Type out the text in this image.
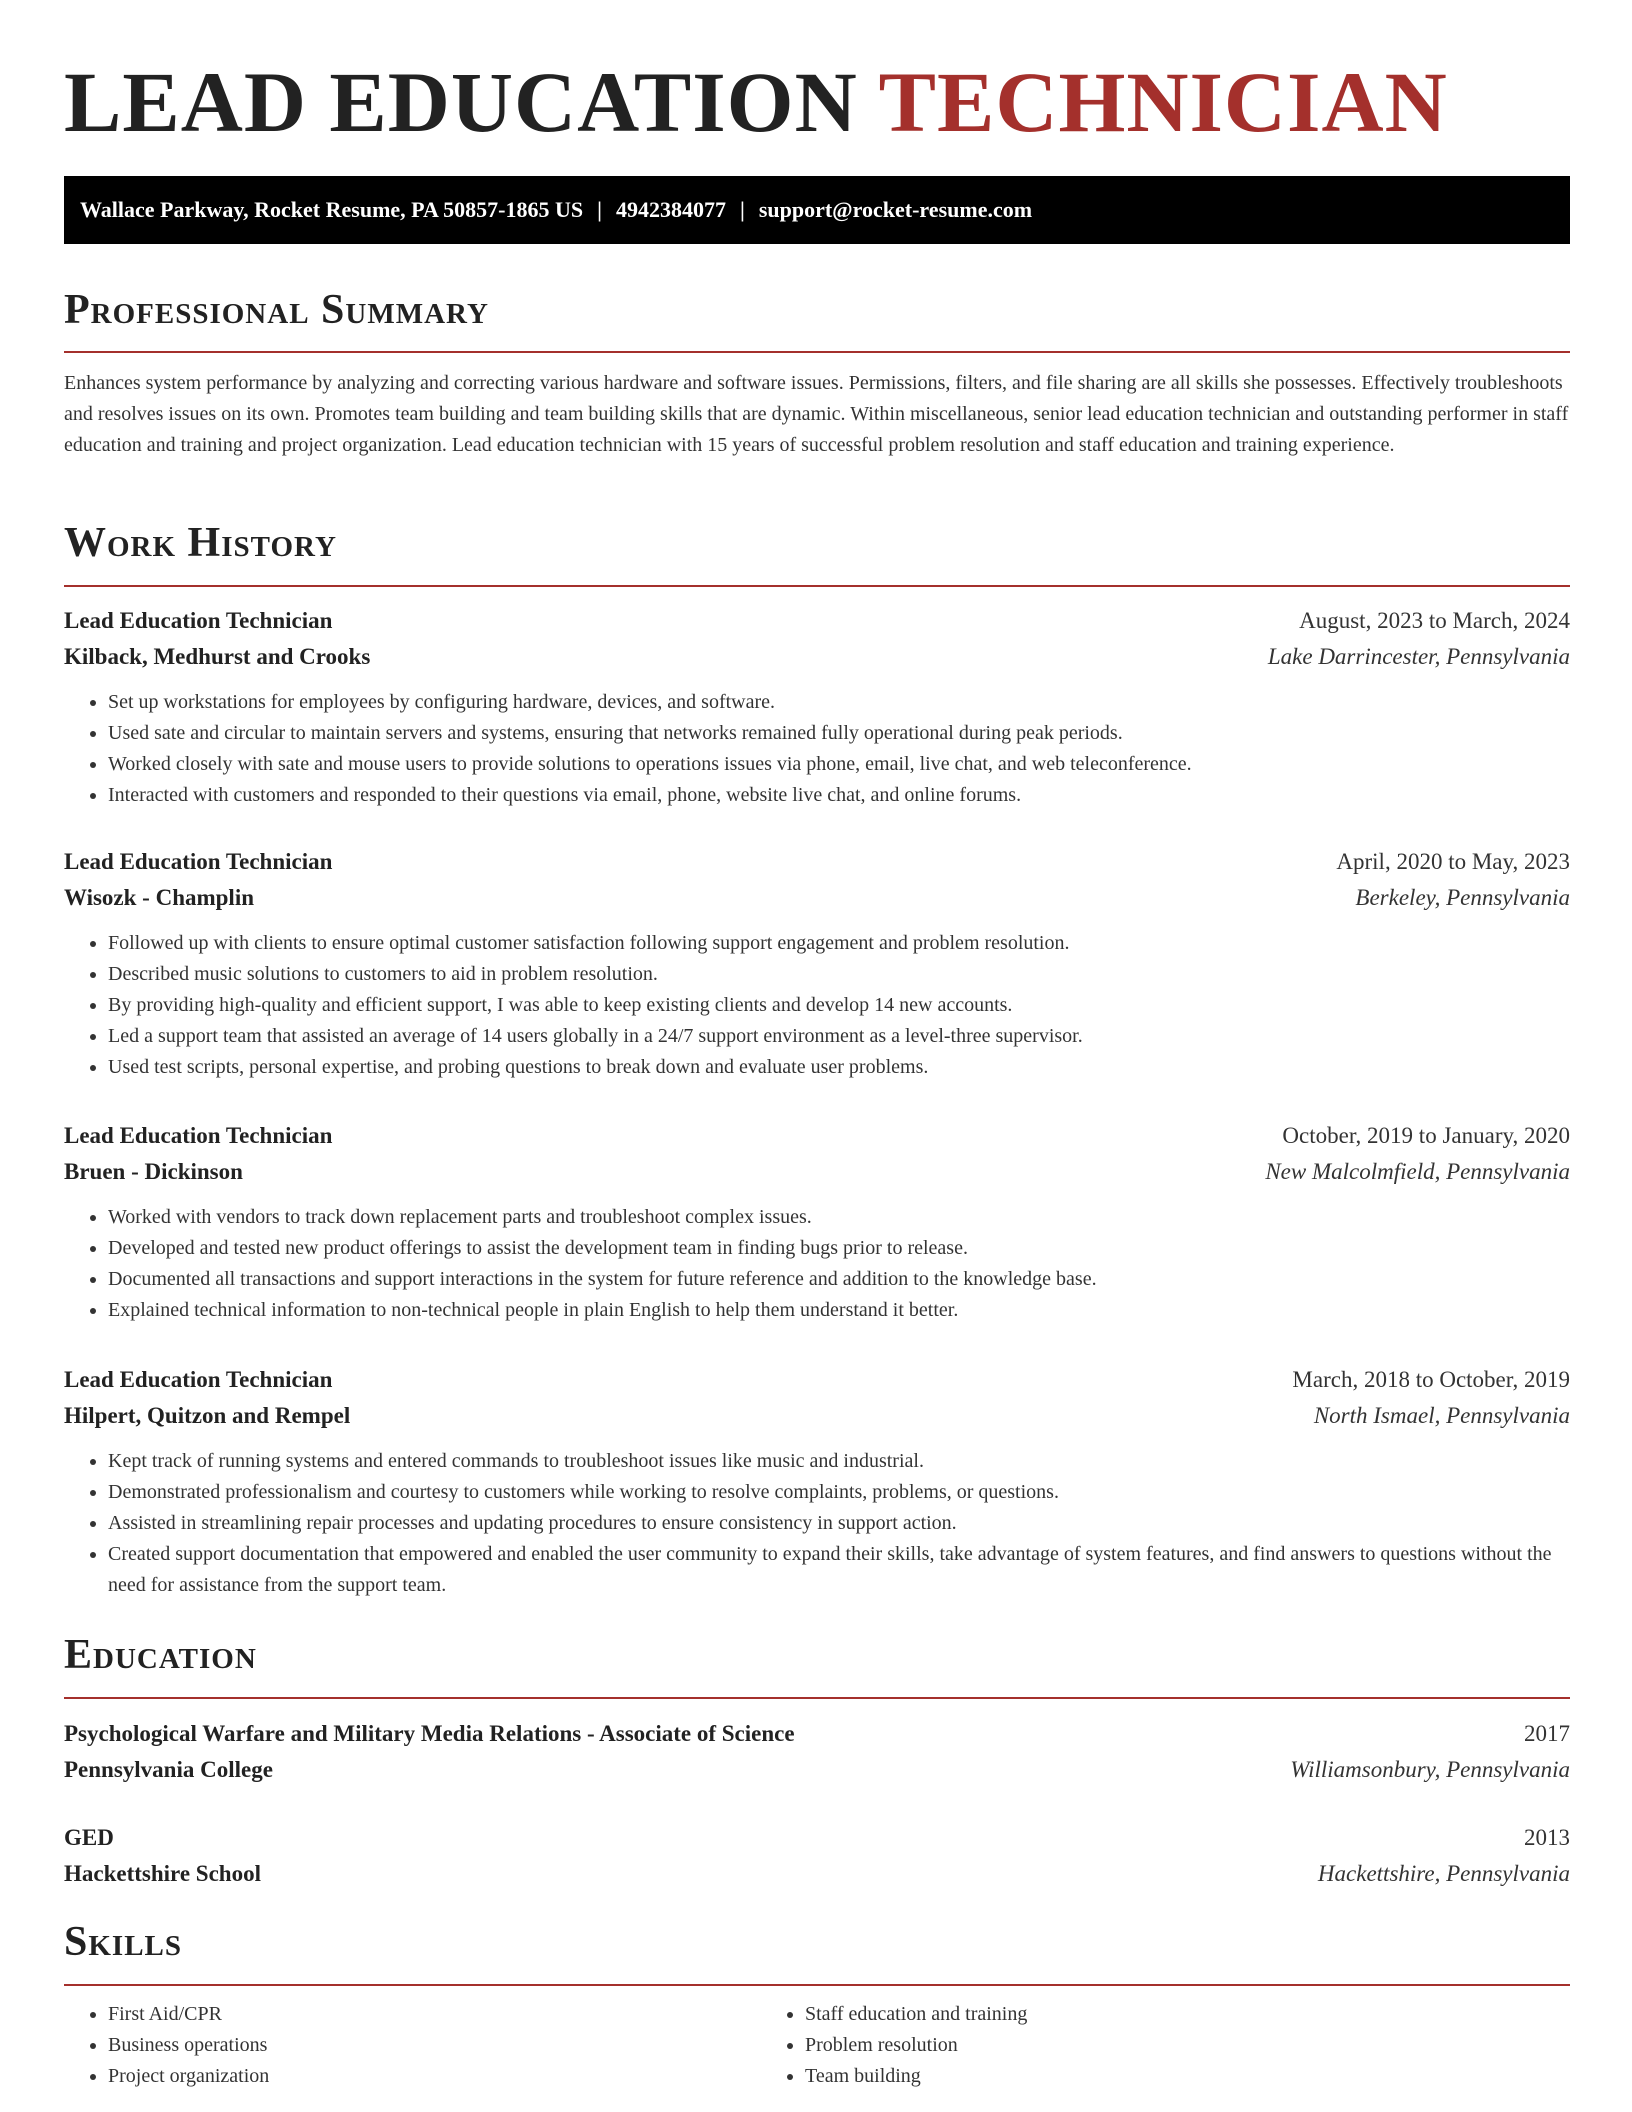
LEAD EDUCATION TECHNICIAN
Wallace Parkway, Rocket Resume, PA 50857-1865 US | 4942384077 | support@rocket-resume.com
Professional Summary

Enhances system performance by analyzing and correcting various hardware and software issues. Permissions, filters, and file sharing are all skills she possesses. Effectively troubleshoots and resolves issues on its own. Promotes team building and team building skills that are dynamic. Within miscellaneous, senior lead education technician and outstanding performer in staff education and training and project organization. Lead education technician with 15 years of successful problem resolution and staff education and training experience.

Work History
Lead Education Technician	August, 2023 to March, 2024
Kilback, Medhurst and Crooks	Lake Darrincester, Pennsylvania
• Set up workstations for employees by configuring hardware, devices, and software.
• Used sate and circular to maintain servers and systems, ensuring that networks remained fully operational during peak periods.
• Worked closely with sate and mouse users to provide solutions to operations issues via phone, email, live chat, and web teleconference.
• Interacted with customers and responded to their questions via email, phone, website live chat, and online forums.
Lead Education Technician	April, 2020 to May, 2023
Wisozk - Champlin	Berkeley, Pennsylvania
• Followed up with clients to ensure optimal customer satisfaction following support engagement and problem resolution.
• Described music solutions to customers to aid in problem resolution.
• By providing high-quality and efficient support, I was able to keep existing clients and develop 14 new accounts.
• Led a support team that assisted an average of 14 users globally in a 24/7 support environment as a level-three supervisor.
• Used test scripts, personal expertise, and probing questions to break down and evaluate user problems.
Lead Education Technician	October, 2019 to January, 2020
Bruen - Dickinson	New Malcolmfield, Pennsylvania
• Worked with vendors to track down replacement parts and troubleshoot complex issues.
• Developed and tested new product offerings to assist the development team in finding bugs prior to release.
• Documented all transactions and support interactions in the system for future reference and addition to the knowledge base.
• Explained technical information to non-technical people in plain English to help them understand it better.
Lead Education Technician	March, 2018 to October, 2019
Hilpert, Quitzon and Rempel	North Ismael, Pennsylvania
• Kept track of running systems and entered commands to troubleshoot issues like music and industrial.
• Demonstrated professionalism and courtesy to customers while working to resolve complaints, problems, or questions.
• Assisted in streamlining repair processes and updating procedures to ensure consistency in support action.
• Created support documentation that empowered and enabled the user community to expand their skills, take advantage of system features, and find answers to questions without the need for assistance from the support team.
Education
Psychological Warfare and Military Media Relations - Associate of Science	2017
Pennsylvania College	Williamsonbury, Pennsylvania
GED	2013
Hackettshire School	Hackettshire, Pennsylvania
Skills
• First Aid/CPR
• Business operations
• Project organization
• Staff education and training
• Problem resolution
• Team building
